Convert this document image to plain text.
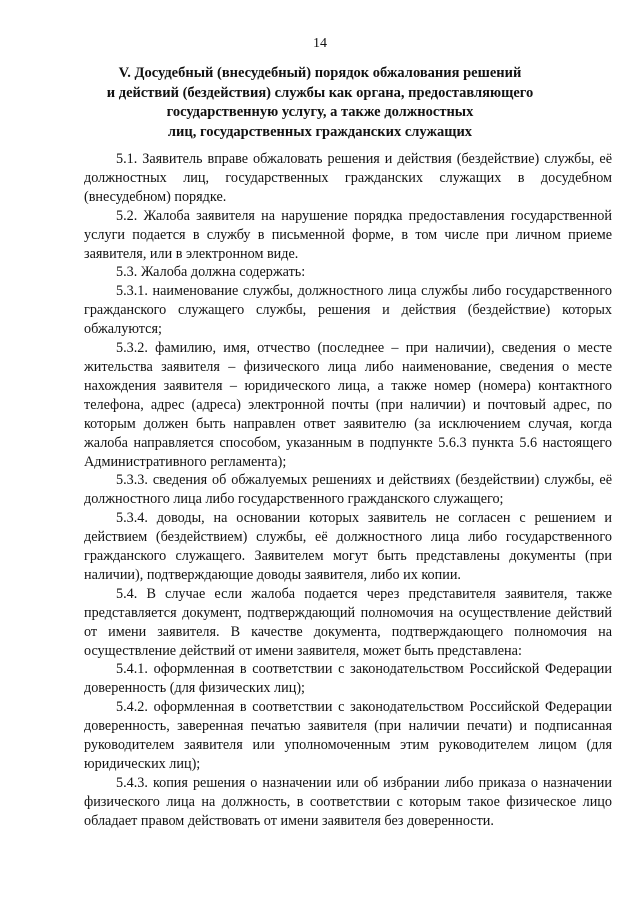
14
V. Досудебный (внесудебный) порядок обжалования решений
и действий (бездействия) службы как органа, предоставляющего
государственную услугу, а также должностных
лиц, государственных гражданских служащих

5.1. Заявитель вправе обжаловать решения и действия (бездействие) службы, её должностных лиц, государственных гражданских служащих в досудебном (внесудебном) порядке.

5.2. Жалоба заявителя на нарушение порядка предоставления государственной услуги подается в службу в письменной форме, в том числе при личном приеме заявителя, или в электронном виде.

5.3. Жалоба должна содержать:

5.3.1. наименование службы, должностного лица службы либо государственного гражданского служащего службы, решения и действия (бездействие) которых обжалуются;

5.3.2. фамилию, имя, отчество (последнее – при наличии), сведения о месте жительства заявителя – физического лица либо наименование, сведения о месте нахождения заявителя – юридического лица, а также номер (номера) контактного телефона, адрес (адреса) электронной почты (при наличии) и почтовый адрес, по которым должен быть направлен ответ заявителю (за исключением случая, когда жалоба направляется способом, указанным в подпункте 5.6.3 пункта 5.6 настоящего Административного регламента);

5.3.3. сведения об обжалуемых решениях и действиях (бездействии) службы, её должностного лица либо государственного гражданского служащего;

5.3.4. доводы, на основании которых заявитель не согласен с решением и действием (бездействием) службы, её должностного лица либо государственного гражданского служащего. Заявителем могут быть представлены документы (при наличии), подтверждающие доводы заявителя, либо их копии.

5.4. В случае если жалоба подается через представителя заявителя, также представляется документ, подтверждающий полномочия на осуществление действий от имени заявителя. В качестве документа, подтверждающего полномочия на осуществление действий от имени заявителя, может быть представлена:

5.4.1. оформленная в соответствии с законодательством Российской Федерации доверенность (для физических лиц);

5.4.2. оформленная в соответствии с законодательством Российской Федерации доверенность, заверенная печатью заявителя (при наличии печати) и подписанная руководителем заявителя или уполномоченным этим руководителем лицом (для юридических лиц);

5.4.3. копия решения о назначении или об избрании либо приказа о назначении физического лица на должность, в соответствии с которым такое физическое лицо обладает правом действовать от имени заявителя без доверенности.
